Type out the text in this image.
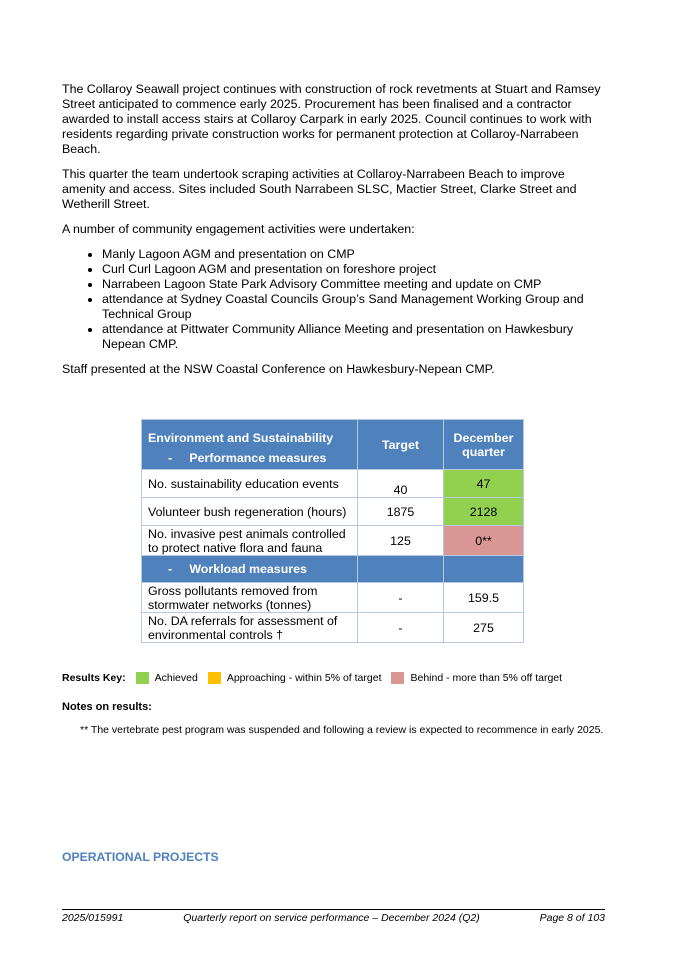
The Collaroy Seawall project continues with construction of rock revetments at Stuart and Ramsey Street anticipated to commence early 2025. Procurement has been finalised and a contractor awarded to install access stairs at Collaroy Carpark in early 2025. Council continues to work with residents regarding private construction works for permanent protection at Collaroy-Narrabeen Beach.

This quarter the team undertook scraping activities at Collaroy-Narrabeen Beach to improve amenity and access. Sites included South Narrabeen SLSC, Mactier Street, Clarke Street and Wetherill Street.

A number of community engagement activities were undertaken:

• Manly Lagoon AGM and presentation on CMP
• Curl Curl Lagoon AGM and presentation on foreshore project
• Narrabeen Lagoon State Park Advisory Committee meeting and update on CMP
• attendance at Sydney Coastal Councils Group’s Sand Management Working Group and Technical Group
• attendance at Pittwater Community Alliance Meeting and presentation on Hawkesbury Nepean CMP.

Staff presented at the NSW Coastal Conference on Hawkesbury-Nepean CMP.

Environment and Sustainability
-     Performance measures	Target	December quarter
No. sustainability education events	40	47
Volunteer bush regeneration (hours)	1875	2128
No. invasive pest animals controlled to protect native flora and fauna	125	0**
-     Workload measures		
Gross pollutants removed from stormwater networks (tonnes)	-	159.5
No. DA referrals for assessment of environmental controls †	-	275
Results Key:	Achieved	Approaching - within 5% of target	Behind - more than 5% off target
Notes on results:
** The vertebrate pest program was suspended and following a review is expected to recommence in early 2025.
OPERATIONAL PROJECTS
2025/015991	Quarterly report on service performance – December 2024 (Q2)	Page 8 of 103
